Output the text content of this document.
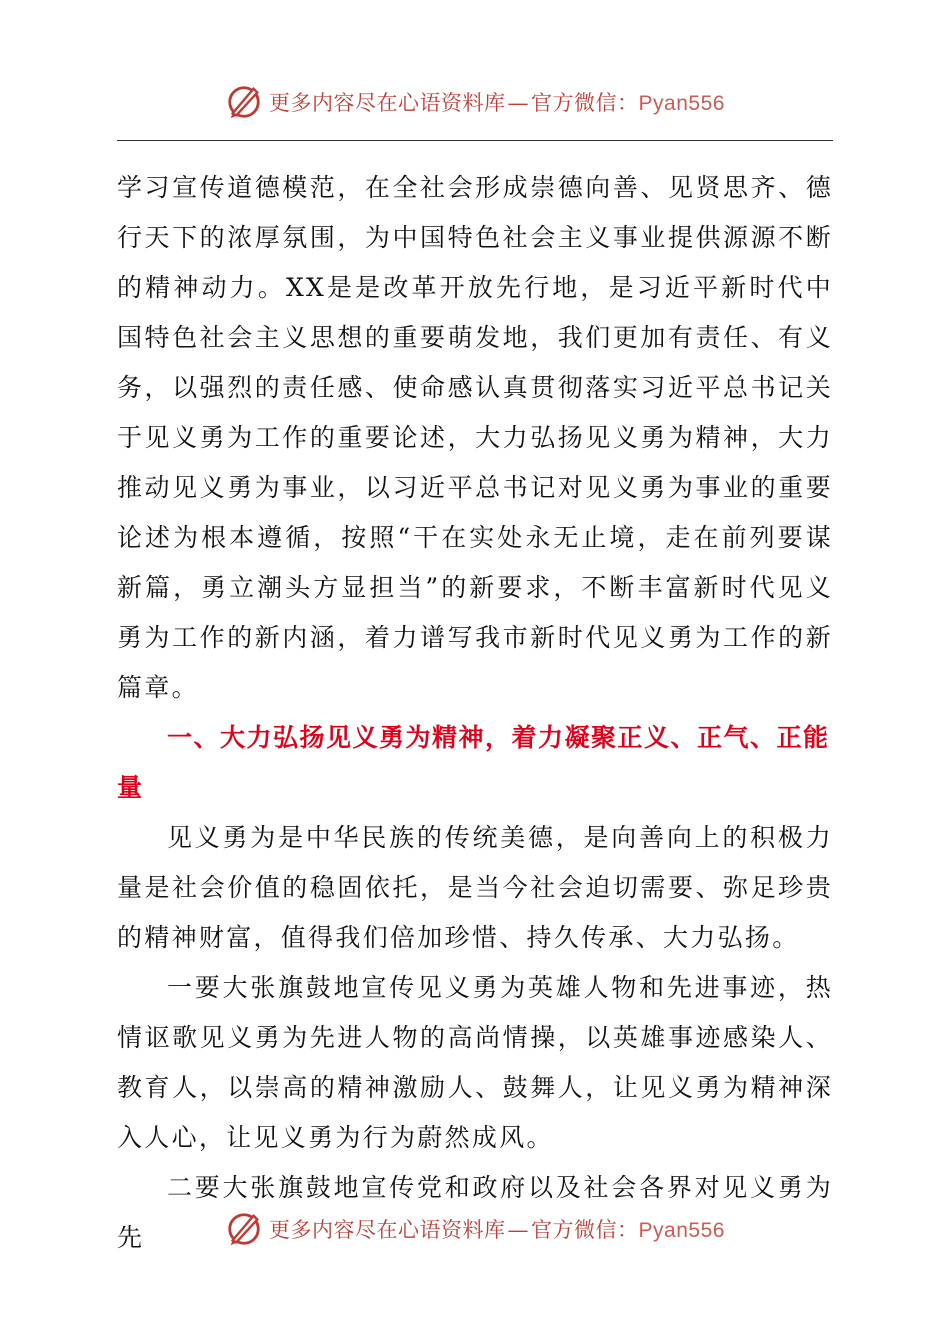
更多内容尽在心语资料库—官方微信：Pyan556

学习宣传道德模范，在全社会形成崇德向善、见贤思齐、德行天下的浓厚氛围，为中国特色社会主义事业提供源源不断的精神动力。XX是是改革开放先行地，是习近平新时代中国特色社会主义思想的重要萌发地，我们更加有责任、有义务，以强烈的责任感、使命感认真贯彻落实习近平总书记关于见义勇为工作的重要论述，大力弘扬见义勇为精神，大力推动见义勇为事业，以习近平总书记对见义勇为事业的重要论述为根本遵循，按照“干在实处永无止境，走在前列要谋新篇，勇立潮头方显担当”的新要求，不断丰富新时代见义勇为工作的新内涵，着力谱写我市新时代见义勇为工作的新篇章。

一、大力弘扬见义勇为精神，着力凝聚正义、正气、正能量

见义勇为是中华民族的传统美德，是向善向上的积极力量是社会价值的稳固依托，是当今社会迫切需要、弥足珍贵的精神财富，值得我们倍加珍惜、持久传承、大力弘扬。

一要大张旗鼓地宣传见义勇为英雄人物和先进事迹，热情讴歌见义勇为先进人物的高尚情操，以英雄事迹感染人、教育人，以崇高的精神激励人、鼓舞人，让见义勇为精神深入人心，让见义勇为行为蔚然成风。

二要大张旗鼓地宣传党和政府以及社会各界对见义勇为先	更多内容尽在心语资料库—官方微信：Pyan556
